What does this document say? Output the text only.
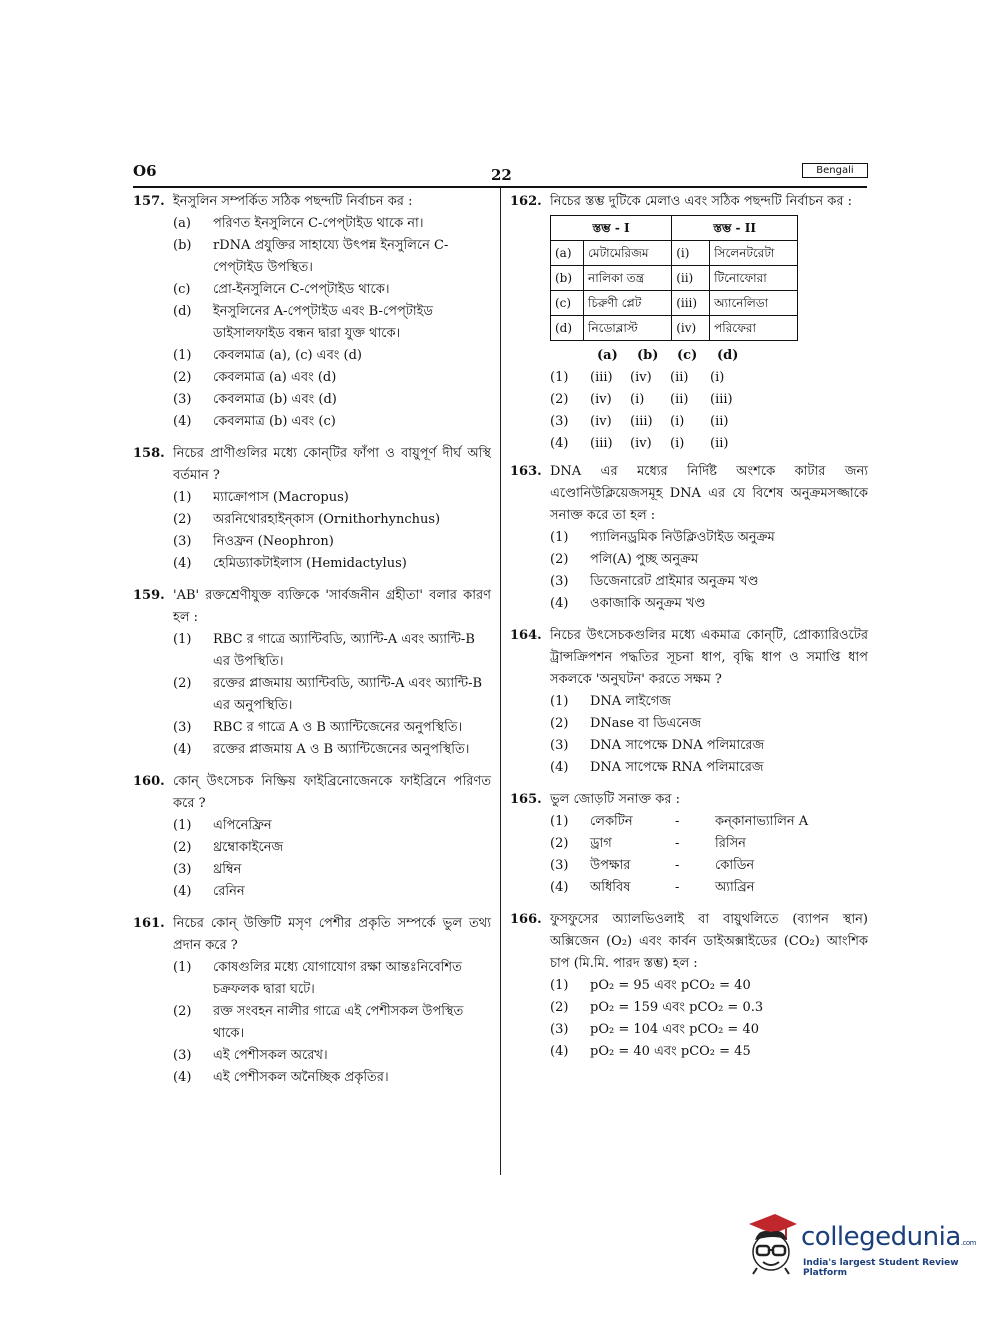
O6	22	Bengali
157. ইনসুলিন সম্পর্কিত সঠিক পছন্দটি নির্বাচন কর :
(a) পরিণত ইনসুলিনে C-পেপ্‌টাইড থাকে না।
(b) rDNA প্রযুক্তির সাহায্যে উৎপন্ন ইনসুলিনে C-পেপ্‌টাইড উপস্থিত।
(c) প্রো-ইনসুলিনে C-পেপ্‌টাইড থাকে।
(d) ইনসুলিনের A-পেপ্‌টাইড এবং B-পেপ্‌টাইড ডাইসালফাইড বন্ধন দ্বারা যুক্ত থাকে।
(1) কেবলমাত্র (a), (c) এবং (d)
(2) কেবলমাত্র (a) এবং (d)
(3) কেবলমাত্র (b) এবং (d)
(4) কেবলমাত্র (b) এবং (c)
158. নিচের প্রাণীগুলির মধ্যে কোন্‌টির ফাঁপা ও বায়ুপূর্ণ দীর্ঘ অস্থি বর্তমান ?
(1) ম্যাক্রোপাস (Macropus)
(2) অরনিথোরহাইন্‌কাস (Ornithorhynchus)
(3) নিওফ্রন (Neophron)
(4) হেমিড্যাকটাইলাস (Hemidactylus)
159. 'AB' রক্তশ্রেণীযুক্ত ব্যক্তিকে 'সার্বজনীন গ্রহীতা' বলার কারণ হল :
(1) RBC র গাত্রে অ্যান্টিবডি, অ্যান্টি-A এবং অ্যান্টি-B এর উপস্থিতি।
(2) রক্তের প্লাজমায় অ্যান্টিবডি, অ্যান্টি-A এবং অ্যান্টি-B এর অনুপস্থিতি।
(3) RBC র গাত্রে A ও B অ্যান্টিজেনের অনুপস্থিতি।
(4) রক্তের প্লাজমায় A ও B অ্যান্টিজেনের অনুপস্থিতি।
160. কোন্‌ উৎসেচক নিষ্ক্রিয় ফাইব্রিনোজেনকে ফাইব্রিনে পরিণত করে ?
(1) এপিনেফ্রিন
(2) থ্রম্বোকাইনেজ
(3) থ্রম্বিন
(4) রেনিন
161. নিচের কোন্‌ উক্তিটি মসৃণ পেশীর প্রকৃতি সম্পর্কে ভুল তথ্য প্রদান করে ?
(1) কোষগুলির মধ্যে যোগাযোগ রক্ষা আন্তঃনিবেশিত চক্রফলক দ্বারা ঘটে।
(2) রক্ত সংবহন নালীর গাত্রে এই পেশীসকল উপস্থিত থাকে।
(3) এই পেশীসকল অরেখ।
(4) এই পেশীসকল অনৈচ্ছিক প্রকৃতির।
162. নিচের স্তম্ভ দুটিকে মেলাও এবং সঠিক পছন্দটি নির্বাচন কর :
স্তম্ভ - I		স্তম্ভ - II	
(a)	মেটামেরিজম	(i)	সিলেনটরেটা
(b)	নালিকা তন্ত্র	(ii)	টিনোফোরা
(c)	চিরুণী প্লেট	(iii)	অ্যানেলিডা
(d)	নিডোব্লাস্ট	(iv)	পরিফেরা
(a)	(b)	(c)	(d)
(1) (iii)	(iv)	(ii)	(i)
(2) (iv)	(i)	(ii)	(iii)
(3) (iv)	(iii)	(i)	(ii)
(4) (iii)	(iv)	(i)	(ii)
163. DNA এর মধ্যের নির্দিষ্ট অংশকে কাটার জন্য এণ্ডোনিউক্লিয়েজসমূহ DNA এর যে বিশেষ অনুক্রমসজ্জাকে সনাক্ত করে তা হল :
(1) প্যালিনড্রমিক নিউক্লিওটাইড অনুক্রম
(2) পলি(A) পুচ্ছ অনুক্রম
(3) ডিজেনারেট প্রাইমার অনুক্রম খণ্ড
(4) ওকাজাকি অনুক্রম খণ্ড
164. নিচের উৎসেচকগুলির মধ্যে একমাত্র কোন্‌টি, প্রোক্যারিওটের ট্রান্সক্রিপশন পদ্ধতির সূচনা ধাপ, বৃদ্ধি ধাপ ও সমাপ্তি ধাপ সকলকে 'অনুঘটন' করতে সক্ষম ?
(1) DNA লাইগেজ
(2) DNase বা ডিএনেজ
(3) DNA সাপেক্ষে DNA পলিমারেজ
(4) DNA সাপেক্ষে RNA পলিমারেজ
165. ভুল জোড়টি সনাক্ত কর :
(1) লেকটিন	-	কন্‌কানাভ্যালিন A
(2) ড্রাগ	-	রিসিন
(3) উপক্ষার	-	কোডিন
(4) অধিবিষ	-	অ্যাব্রিন
166. ফুসফুসের অ্যালভিওলাই বা বায়ুথলিতে (ব্যাপন স্থান) অক্সিজেন (O₂) এবং কার্বন ডাইঅক্সাইডের (CO₂) আংশিক চাপ (মি.মি. পারদ স্তম্ভ) হল :
(1) pO₂ = 95 এবং pCO₂ = 40
(2) pO₂ = 159 এবং pCO₂ = 0.3
(3) pO₂ = 104 এবং pCO₂ = 40
(4) pO₂ = 40 এবং pCO₂ = 45
collegedunia.com
India's largest Student Review Platform
